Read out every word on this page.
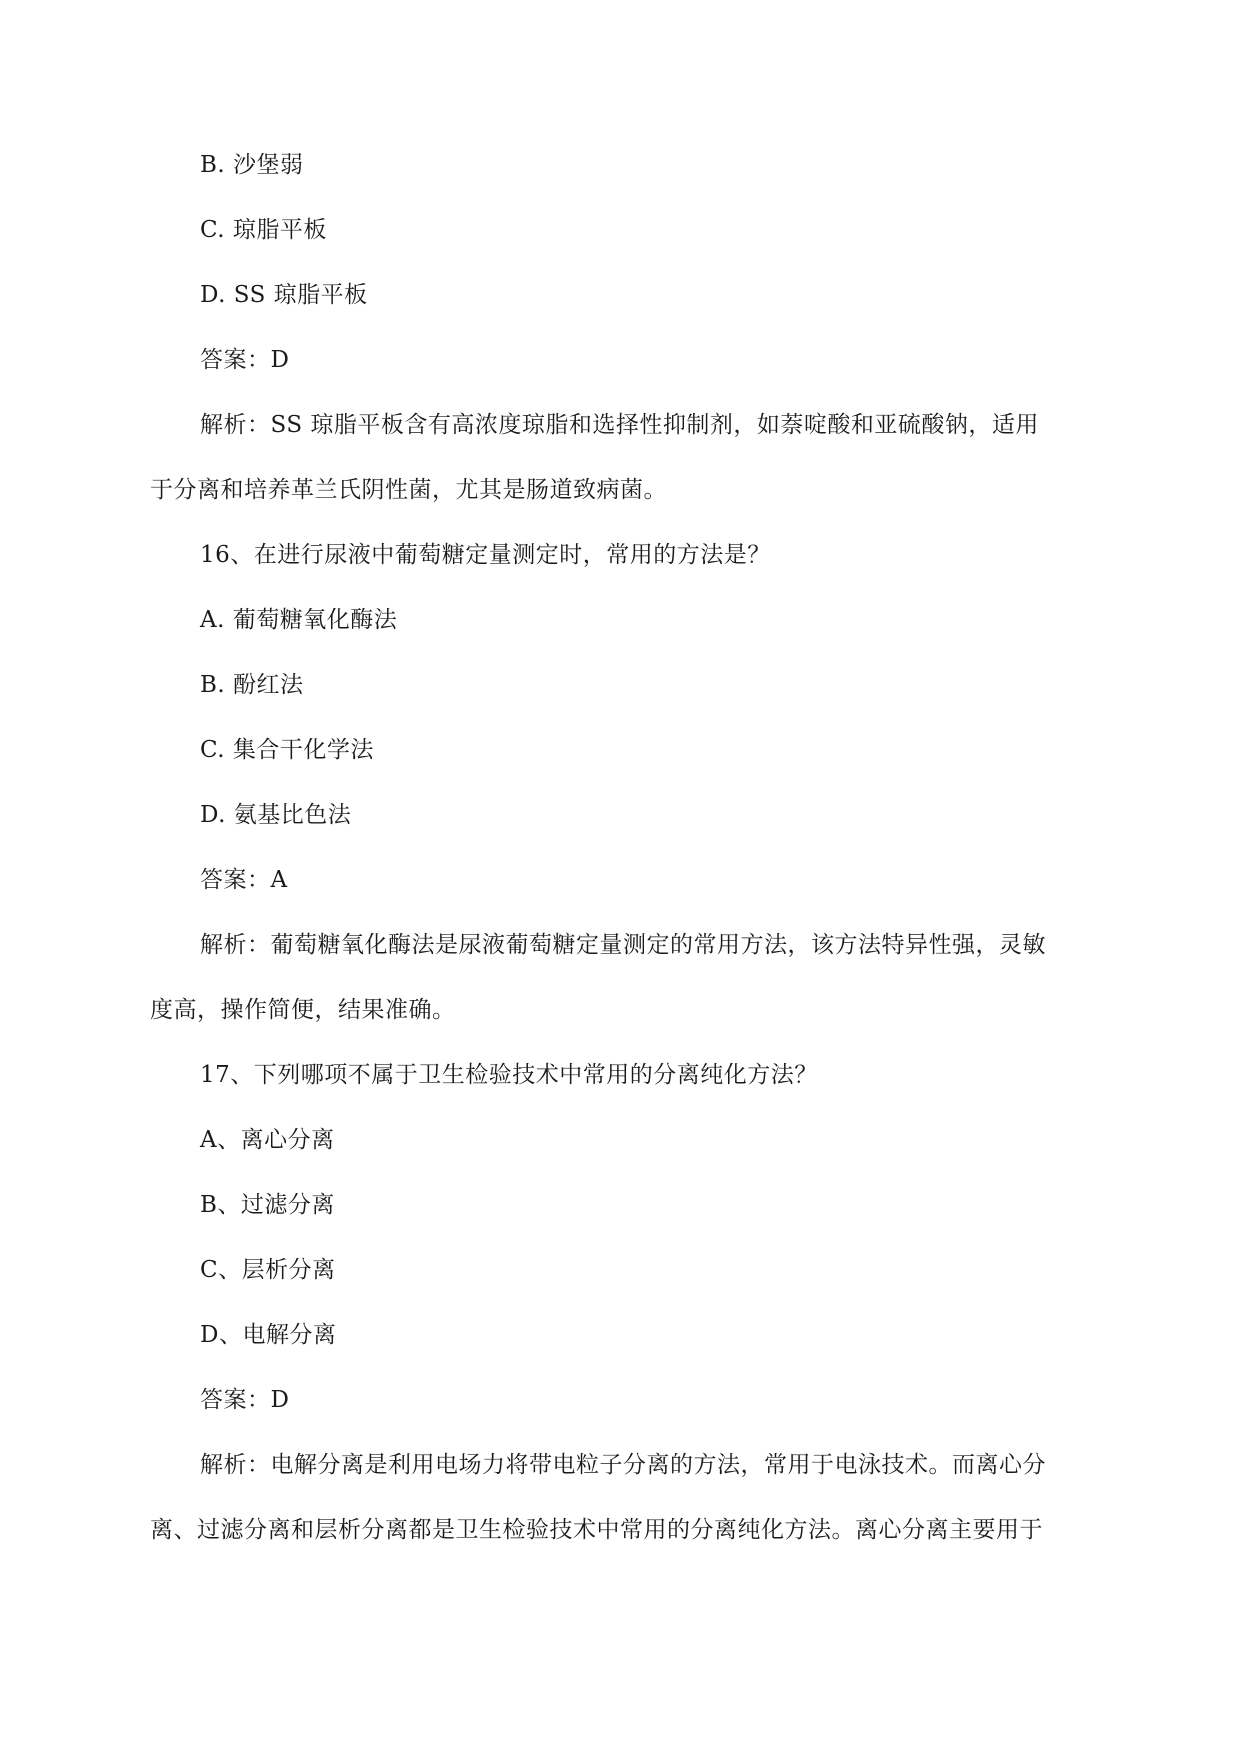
B. 沙堡弱
C. 琼脂平板
D. SS 琼脂平板
答案：D
解析：SS 琼脂平板含有高浓度琼脂和选择性抑制剂，如萘啶酸和亚硫酸钠，适用
于分离和培养革兰氏阴性菌，尤其是肠道致病菌。
16、在进行尿液中葡萄糖定量测定时，常用的方法是？
A. 葡萄糖氧化酶法
B. 酚红法
C. 集合干化学法
D. 氨基比色法
答案：A
解析：葡萄糖氧化酶法是尿液葡萄糖定量测定的常用方法，该方法特异性强，灵敏
度高，操作简便，结果准确。
17、下列哪项不属于卫生检验技术中常用的分离纯化方法？
A、离心分离
B、过滤分离
C、层析分离
D、电解分离
答案：D
解析：电解分离是利用电场力将带电粒子分离的方法，常用于电泳技术。而离心分
离、过滤分离和层析分离都是卫生检验技术中常用的分离纯化方法。离心分离主要用于
